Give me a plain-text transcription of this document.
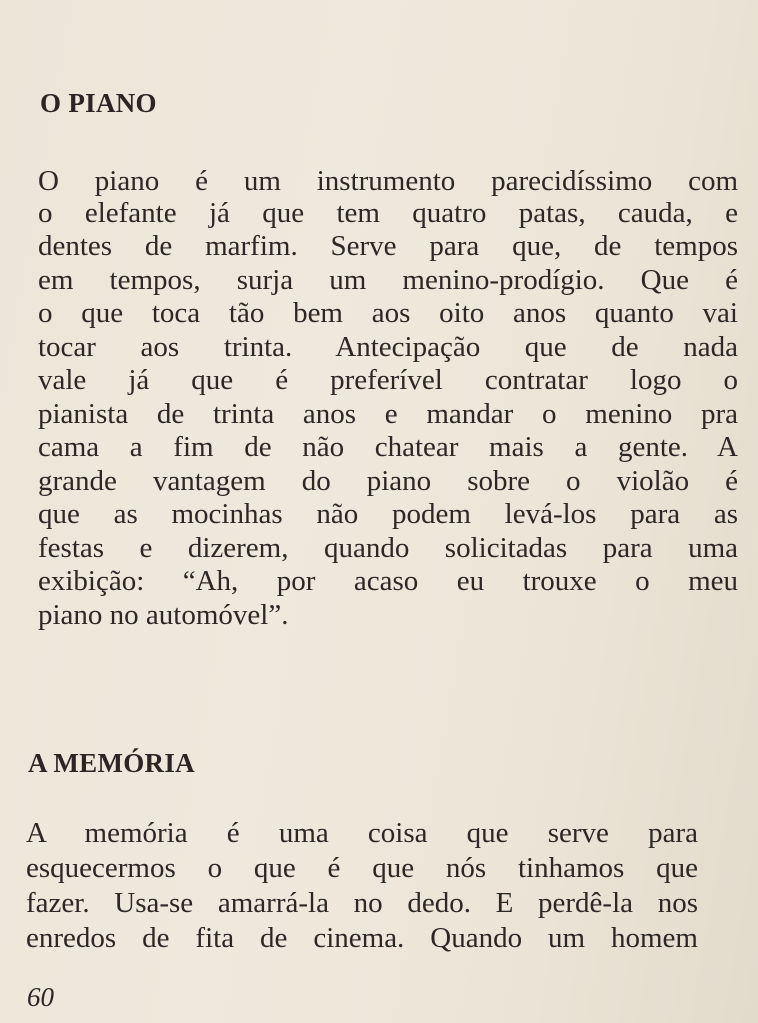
O PIANO
O piano é um instrumento parecidíssimo com
o elefante já que tem quatro patas, cauda, e
dentes de marfim. Serve para que, de tempos
em tempos, surja um menino-prodígio. Que é
o que toca tão bem aos oito anos quanto vai
tocar aos trinta. Antecipação que de nada
vale já que é preferível contratar logo o
pianista de trinta anos e mandar o menino pra
cama a fim de não chatear mais a gente. A
grande vantagem do piano sobre o violão é
que as mocinhas não podem levá-los para as
festas e dizerem, quando solicitadas para uma
exibição: “Ah, por acaso eu trouxe o meu
piano no automóvel”.
A MEMÓRIA
A memória é uma coisa que serve para
esquecermos o que é que nós tinhamos que
fazer. Usa-se amarrá-la no dedo. E perdê-la nos
enredos de fita de cinema. Quando um homem

60
